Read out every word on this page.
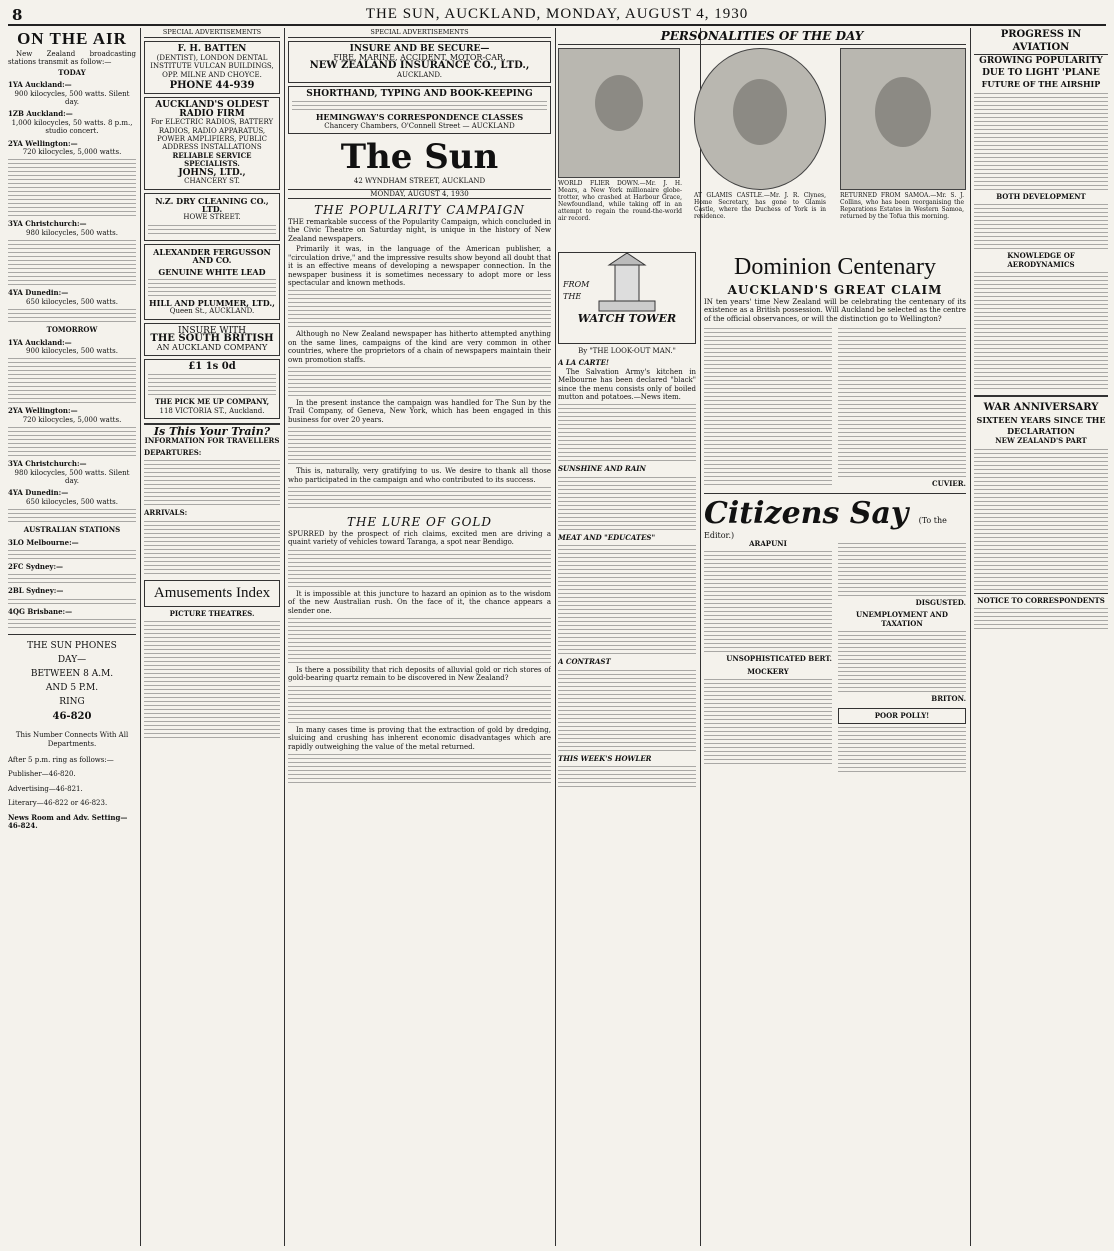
8	THE SUN, AUCKLAND, MONDAY, AUGUST 4, 1930
ON THE AIR

New Zealand broadcasting stations transmit as follow:—

TODAY
1YA Auckland:—
900 kilocycles, 500 watts. Silent day.
1ZB Auckland:—
1,000 kilocycles, 50 watts. 8 p.m., studio concert.
2YA Wellington:—
720 kilocycles, 5,000 watts.
3YA Christchurch:—
980 kilocycles, 500 watts.
4YA Dunedin:—
650 kilocycles, 500 watts.
TOMORROW
1YA Auckland:—
900 kilocycles, 500 watts.
2YA Wellington:—
720 kilocycles, 5,000 watts.
3YA Christchurch:—
980 kilocycles, 500 watts. Silent day.
4YA Dunedin:—
650 kilocycles, 500 watts.
AUSTRALIAN STATIONS
3LO Melbourne:—
2FC Sydney:—
2BL Sydney:—
4QG Brisbane:—
THE SUN PHONES
DAY—
BETWEEN 8 A.M.
AND 5 P.M.
RING
46-820
This Number Connects With All Departments.
After 5 p.m. ring as follows:—
Publisher—46-820.
Advertising—46-821.
Literary—46-822 or 46-823.
News Room and Adv. Setting—46-824.
SPECIAL ADVERTISEMENTS
F. H. BATTEN
(DENTIST), LONDON DENTAL INSTITUTE VULCAN BUILDINGS, OPP. MILNE AND CHOYCE.
PHONE 44-939
AUCKLAND'S OLDEST RADIO FIRM
For ELECTRIC RADIOS, BATTERY RADIOS, RADIO APPARATUS, POWER AMPLIFIERS, PUBLIC ADDRESS INSTALLATIONS
RELIABLE SERVICE SPECIALISTS.
JOHNS, LTD.,
CHANCERY ST.
N.Z. DRY CLEANING CO., LTD.
HOWE STREET.
ALEXANDER FERGUSSON AND CO.
GENUINE WHITE LEAD
HILL AND PLUMMER, LTD.,
Queen St., AUCKLAND.
INSURE WITH
THE SOUTH BRITISH
AN AUCKLAND COMPANY
£1 1s 0d
THE PICK ME UP COMPANY,
118 VICTORIA ST., Auckland.
Is This Your Train?
INFORMATION FOR TRAVELLERS
DEPARTURES:
ARRIVALS:
Amusements Index
PICTURE THEATRES.
SPECIAL ADVERTISEMENTS
INSURE AND BE SECURE—
FIRE, MARINE, ACCIDENT, MOTOR-CAR.
NEW ZEALAND INSURANCE CO., LTD.,
AUCKLAND.
SHORTHAND, TYPING AND BOOK-KEEPING
HEMINGWAY'S CORRESPONDENCE CLASSES
Chancery Chambers, O'Connell Street — AUCKLAND
The Sun
42 WYNDHAM STREET, AUCKLAND
MONDAY, AUGUST 4, 1930
THE POPULARITY CAMPAIGN

THE remarkable success of the Popularity Campaign, which concluded in the Civic Theatre on Saturday night, is unique in the history of New Zealand newspapers.

Primarily it was, in the language of the American publisher, a "circulation drive," and the impressive results show beyond all doubt that it is an effective means of developing a newspaper connection. In the newspaper business it is sometimes necessary to adopt more or less spectacular and known methods.

Although no New Zealand newspaper has hitherto attempted anything on the same lines, campaigns of the kind are very common in other countries, where the proprietors of a chain of newspapers maintain their own promotion staffs.

In the present instance the campaign was handled for The Sun by the Trail Company, of Geneva, New York, which has been engaged in this business for over 20 years.

This is, naturally, very gratifying to us. We desire to thank all those who participated in the campaign and who contributed to its success.

THE LURE OF GOLD

SPURRED by the prospect of rich claims, excited men are driving a quaint variety of vehicles toward Taranga, a spot near Bendigo.

It is impossible at this juncture to hazard an opinion as to the wisdom of the new Australian rush. On the face of it, the chance appears a slender one.

Is there a possibility that rich deposits of alluvial gold or rich stores of gold-bearing quartz remain to be discovered in New Zealand?

In many cases time is proving that the extraction of gold by dredging, sluicing and crushing has inherent economic disadvantages which are rapidly outweighing the value of the metal returned.

PERSONALITIES OF THE DAY
WORLD FLIER DOWN.—Mr. J. H. Mears, a New York millionaire globe-trotter, who crashed at Harbour Grace, Newfoundland, while taking off in an attempt to regain the round-the-world air record.
AT GLAMIS CASTLE.—Mr. J. R. Clynes, Home Secretary, has gone to Glamis Castle, where the Duchess of York is in residence.
RETURNED FROM SAMOA.—Mr. S. J. Collins, who has been reorganising the Reparations Estates in Western Samoa, returned by the Tofua this morning.
FROM
THE
WATCH TOWER
By "THE LOOK-OUT MAN."
A LA CARTE!

The Salvation Army's kitchen in Melbourne has been declared "black" since the menu consists only of boiled mutton and potatoes.—News item.

SUNSHINE AND RAIN
MEAT AND "EDUCATES"
A CONTRAST
THIS WEEK'S HOWLER
Dominion Centenary
AUCKLAND'S GREAT CLAIM

IN ten years' time New Zealand will be celebrating the centenary of its existence as a British possession. Will Auckland be selected as the centre of the official observances, or will the distinction go to Wellington?

CUVIER.
Citizens Say (To the Editor.)
ARAPUNI
UNSOPHISTICATED BERT.
MOCKERY
DISGUSTED.
UNEMPLOYMENT AND TAXATION
BRITON.
POOR POLLY!
PROGRESS IN AVIATION
GROWING POPULARITY DUE TO LIGHT 'PLANE
FUTURE OF THE AIRSHIP
BOTH DEVELOPMENT
KNOWLEDGE OF AERODYNAMICS
WAR ANNIVERSARY
SIXTEEN YEARS SINCE THE DECLARATION
NEW ZEALAND'S PART
NOTICE TO CORRESPONDENTS
